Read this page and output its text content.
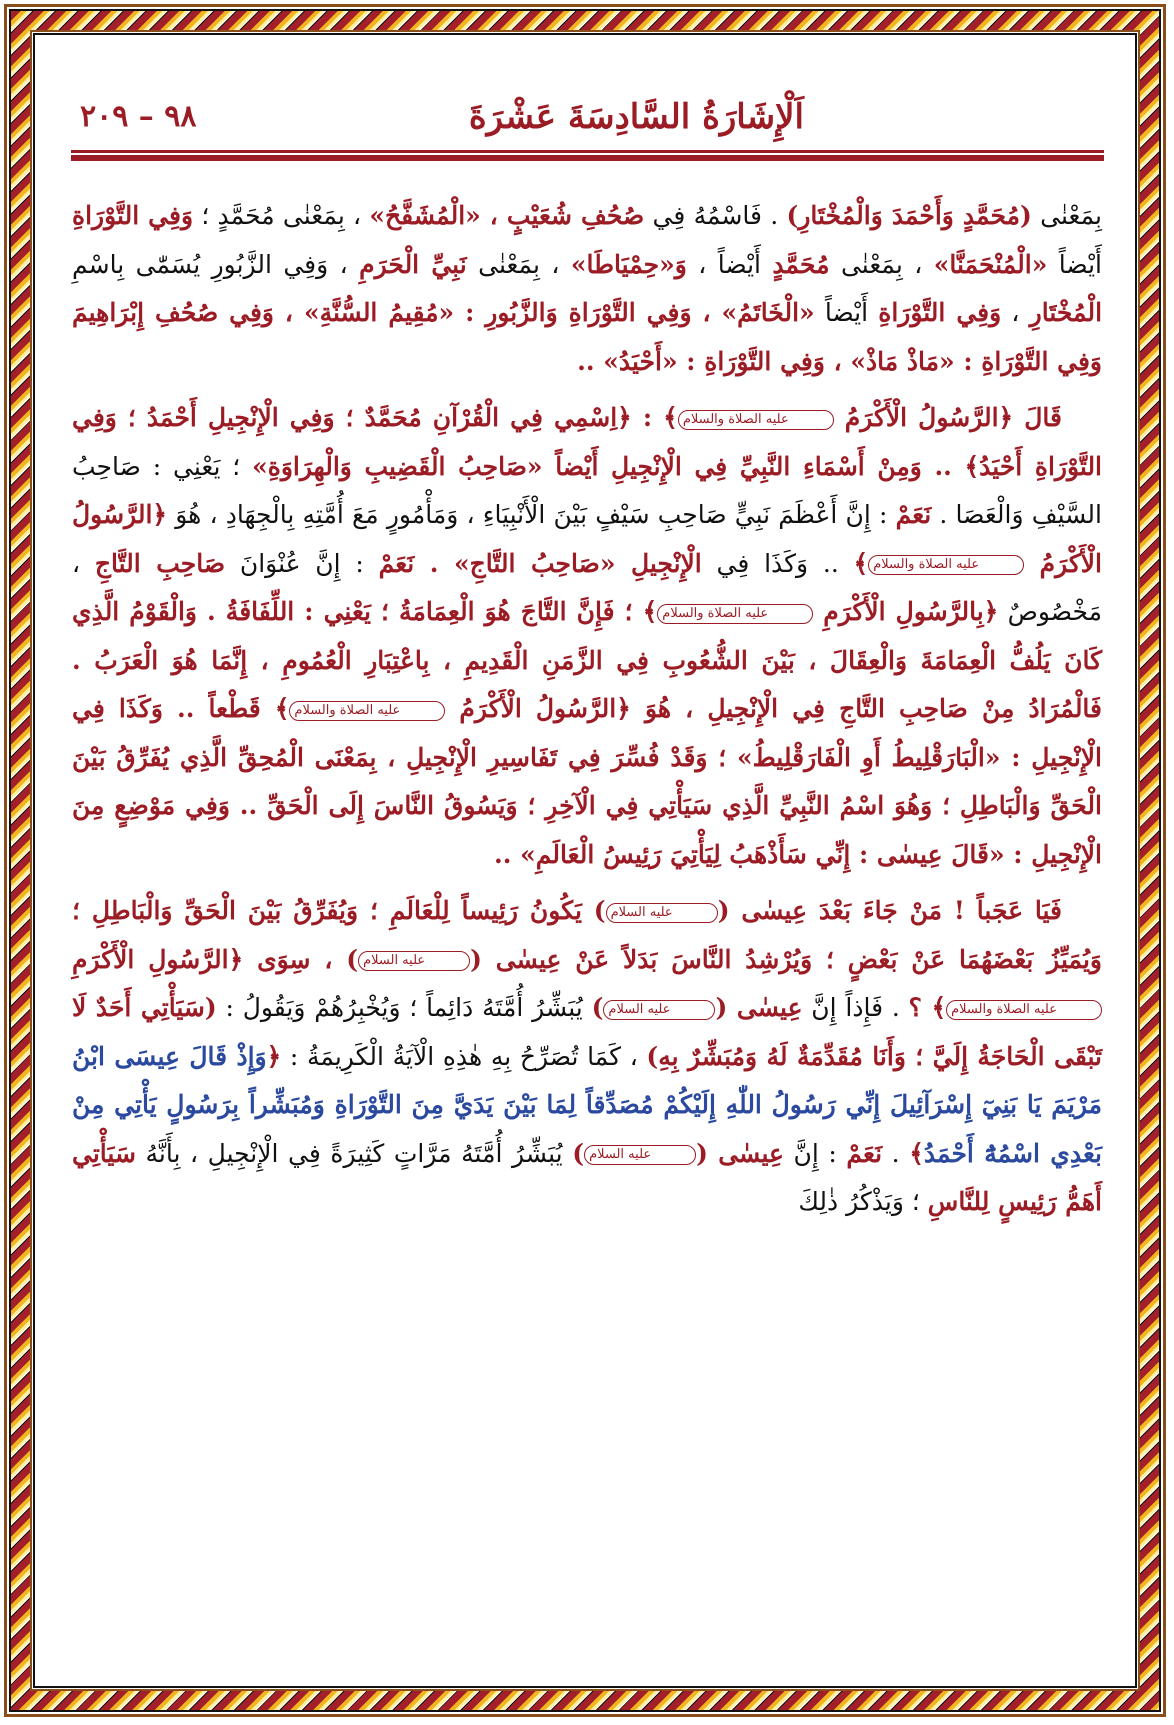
اَلْإِشَارَةُ السَّادِسَةَ عَشْرَةَ
٩٨ – ٢٠٩

بِمَعْنٰى (مُحَمَّدٍ وَأَحْمَدَ وَالْمُخْتَارِ) . فَاسْمُهُ فِي صُحُفِ شُعَيْبٍ ، «الْمُشَفَّحُ» ، بِمَعْنٰى مُحَمَّدٍ ؛ وَفِي التَّوْرَاةِ أَيْضاً «الْمُنْحَمَنَّا» ، بِمَعْنٰى مُحَمَّدٍ أَيْضاً ، وَ«حِمْيَاطَا» ، بِمَعْنٰى نَبِيِّ الْحَرَمِ ، وَفِي الزَّبُورِ يُسَمّٰى بِاسْمِ الْمُخْتَارِ ، وَفِي التَّوْرَاةِ أَيْضاً «الْخَاتَمُ» ، وَفِي التَّوْرَاةِ وَالزَّبُورِ : «مُقِيمُ السُّنَّةِ» ، وَفِي صُحُفِ إِبْرَاهِيمَ وَفِي التَّوْرَاةِ : «مَاذْ مَاذْ» ، وَفِي التَّوْرَاةِ : «أَحْيَدُ» ..

قَالَ ﴿الرَّسُولُ الْأَكْرَمُ عليه الصلاة والسلام﴾ : ﴿اِسْمِي فِي الْقُرْآنِ مُحَمَّدٌ ؛ وَفِي الْإِنْجِيلِ أَحْمَدُ ؛ وَفِي التَّوْرَاةِ أَحْيَدُ﴾ .. وَمِنْ أَسْمَاءِ النَّبِيِّ فِي الْإِنْجِيلِ أَيْضاً «صَاحِبُ الْقَضِيبِ وَالْهِرَاوَةِ» ؛ يَعْنِي : صَاحِبُ السَّيْفِ وَالْعَصَا . نَعَمْ : إِنَّ أَعْظَمَ نَبِيٍّ صَاحِبِ سَيْفٍ بَيْنَ الْأَنْبِيَاءِ ، وَمَأْمُورٍ مَعَ أُمَّتِهِ بِالْجِهَادِ ، هُوَ ﴿الرَّسُولُ الْأَكْرَمُ عليه الصلاة والسلام﴾ .. وَكَذَا فِي الْإِنْجِيلِ «صَاحِبُ التَّاجِ» . نَعَمْ : إِنَّ عُنْوَانَ صَاحِبِ التَّاجِ ، مَخْصُوصٌ ﴿بِالرَّسُولِ الْأَكْرَمِ عليه الصلاة والسلام﴾ ؛ فَإِنَّ التَّاجَ هُوَ الْعِمَامَةُ ؛ يَعْنِي : اللِّفَافَةُ . وَالْقَوْمُ الَّذِي كَانَ يَلُفُّ الْعِمَامَةَ وَالْعِقَالَ ، بَيْنَ الشُّعُوبِ فِي الزَّمَنِ الْقَدِيمِ ، بِاعْتِبَارِ الْعُمُومِ ، إِنَّمَا هُوَ الْعَرَبُ . فَالْمُرَادُ مِنْ صَاحِبِ التَّاجِ فِي الْإِنْجِيلِ ، هُوَ ﴿الرَّسُولُ الْأَكْرَمُ عليه الصلاة والسلام﴾ قَطْعاً .. وَكَذَا فِي الْإِنْجِيلِ : «الْبَارَقْلِيطُ أَوِ الْفَارَقْلِيطُ» ؛ وَقَدْ فُسِّرَ فِي تَفَاسِيرِ الْإِنْجِيلِ ، بِمَعْنَى الْمُحِقِّ الَّذِي يُفَرِّقُ بَيْنَ الْحَقِّ وَالْبَاطِلِ ؛ وَهُوَ اسْمُ النَّبِيِّ الَّذِي سَيَأْتِي فِي الْآخِرِ ؛ وَيَسُوقُ النَّاسَ إِلَى الْحَقِّ .. وَفِي مَوْضِعٍ مِنَ الْإِنْجِيلِ : «قَالَ عِيسٰى : إِنِّي سَأَذْهَبُ لِيَأْتِيَ رَئِيسُ الْعَالَمِ» ..

فَيَا عَجَباً ! مَنْ جَاءَ بَعْدَ عِيسٰى (عليه السلام) يَكُونُ رَئِيساً لِلْعَالَمِ ؛ وَيُفَرِّقُ بَيْنَ الْحَقِّ وَالْبَاطِلِ ؛ وَيُمَيِّزُ بَعْضَهُمَا عَنْ بَعْضٍ ؛ وَيُرْشِدُ النَّاسَ بَدَلاً عَنْ عِيسٰى (عليه السلام) ، سِوَى ﴿الرَّسُولِ الْأَكْرَمِ عليه الصلاة والسلام﴾ ؟ . فَإِذاً إِنَّ عِيسٰى (عليه السلام) يُبَشِّرُ أُمَّتَهُ دَائِماً ؛ وَيُخْبِرُهُمْ وَيَقُولُ : (سَيَأْتِي أَحَدٌ لَا تَبْقَى الْحَاجَةُ إِلَيَّ ؛ وَأَنَا مُقَدِّمَةٌ لَهُ وَمُبَشِّرٌ بِهِ) ، كَمَا تُصَرِّحُ بِهِ هٰذِهِ الْآيَةُ الْكَرِيمَةُ : ﴿وَإِذْ قَالَ عِيسَى ابْنُ مَرْيَمَ يَا بَنِيٓ إِسْرَآئِيلَ إِنِّي رَسُولُ اللّٰهِ إِلَيْكُمْ مُصَدِّقاً لِمَا بَيْنَ يَدَيَّ مِنَ التَّوْرَاةِ وَمُبَشِّراً بِرَسُولٍ يَأْتِي مِنْ بَعْدِي اسْمُهُٓ أَحْمَدُ﴾ . نَعَمْ : إِنَّ عِيسٰى (عليه السلام) يُبَشِّرُ أُمَّتَهُ مَرَّاتٍ كَثِيرَةً فِي الْإِنْجِيلِ ، بِأَنَّهُ سَيَأْتِي أَهَمُّ رَئِيسٍ لِلنَّاسِ ؛ وَيَذْكُرُ ذٰلِكَ
